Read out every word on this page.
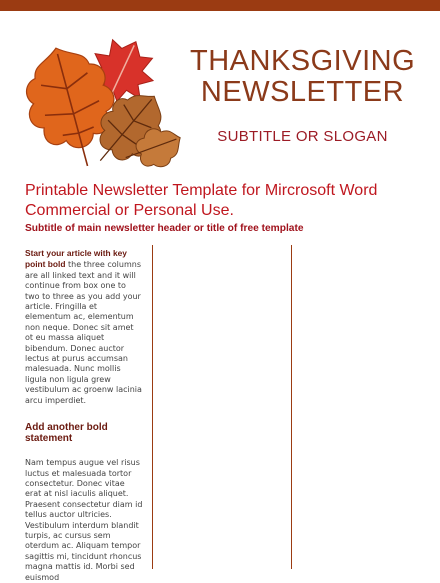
THANKSGIVING
NEWSLETTER
SUBTITLE OR SLOGAN
Printable Newsletter Template for Mircrosoft Word Commercial or Personal Use.
Subtitle of main newsletter header or title of free template

Start your article with key point bold the three columns are all linked text and it will continue from box one to two to three as you add your article. Fringilla et elementum ac, elementum non neque. Donec sit amet ot eu massa aliquet bibendum. Donec auctor lectus at purus accumsan malesuada. Nunc mollis ligula non ligula grew vestibulum ac groenw lacinia arcu imperdiet.

Add another bold statement

Nam tempus augue vel risus luctus et malesuada tortor consectetur. Donec vitae erat at nisl iaculis aliquet. Praesent consectetur diam id tellus auctor ultricies. Vestibulum interdum blandit turpis, ac cursus sem oterdum ac. Aliquam tempor sagittis mi, tincidunt rhoncus magna mattis id. Morbi sed euismod
